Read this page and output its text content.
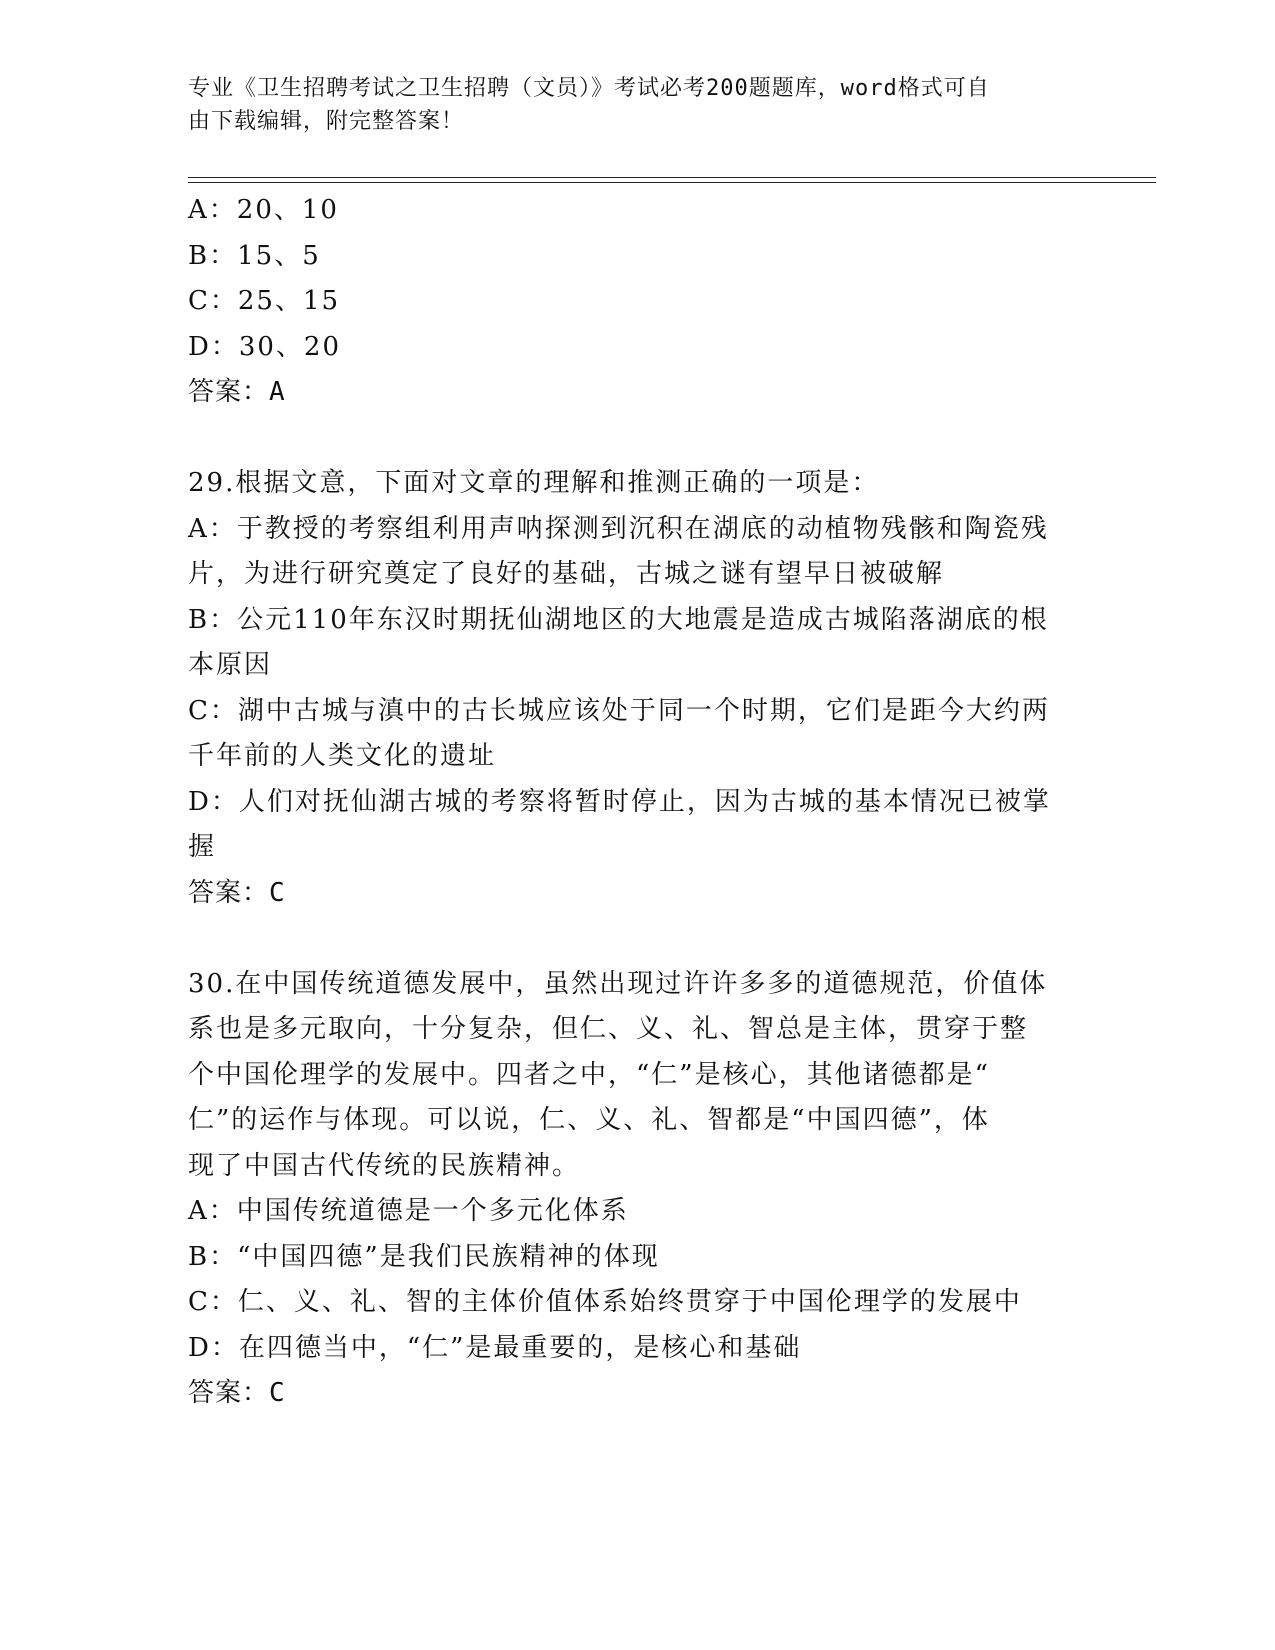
专业《卫生招聘考试之卫生招聘（文员）》考试必考200题题库，word格式可自
由下载编辑，附完整答案！
A：20、10
B：15、5
C：25、15
D：30、20
答案：A
29.根据文意，下面对文章的理解和推测正确的一项是：
A：于教授的考察组利用声呐探测到沉积在湖底的动植物残骸和陶瓷残
片，为进行研究奠定了良好的基础，古城之谜有望早日被破解
B：公元110年东汉时期抚仙湖地区的大地震是造成古城陷落湖底的根
本原因
C：湖中古城与滇中的古长城应该处于同一个时期，它们是距今大约两
千年前的人类文化的遗址
D：人们对抚仙湖古城的考察将暂时停止，因为古城的基本情况已被掌
握
答案：C
30.在中国传统道德发展中，虽然出现过许许多多的道德规范，价值体
系也是多元取向，十分复杂，但仁、义、礼、智总是主体，贯穿于整
个中国伦理学的发展中。四者之中，“仁”是核心，其他诸德都是“
仁”的运作与体现。可以说，仁、义、礼、智都是“中国四德”，体
现了中国古代传统的民族精神。
A：中国传统道德是一个多元化体系
B：“中国四德”是我们民族精神的体现
C：仁、义、礼、智的主体价值体系始终贯穿于中国伦理学的发展中
D：在四德当中，“仁”是最重要的，是核心和基础
答案：C
